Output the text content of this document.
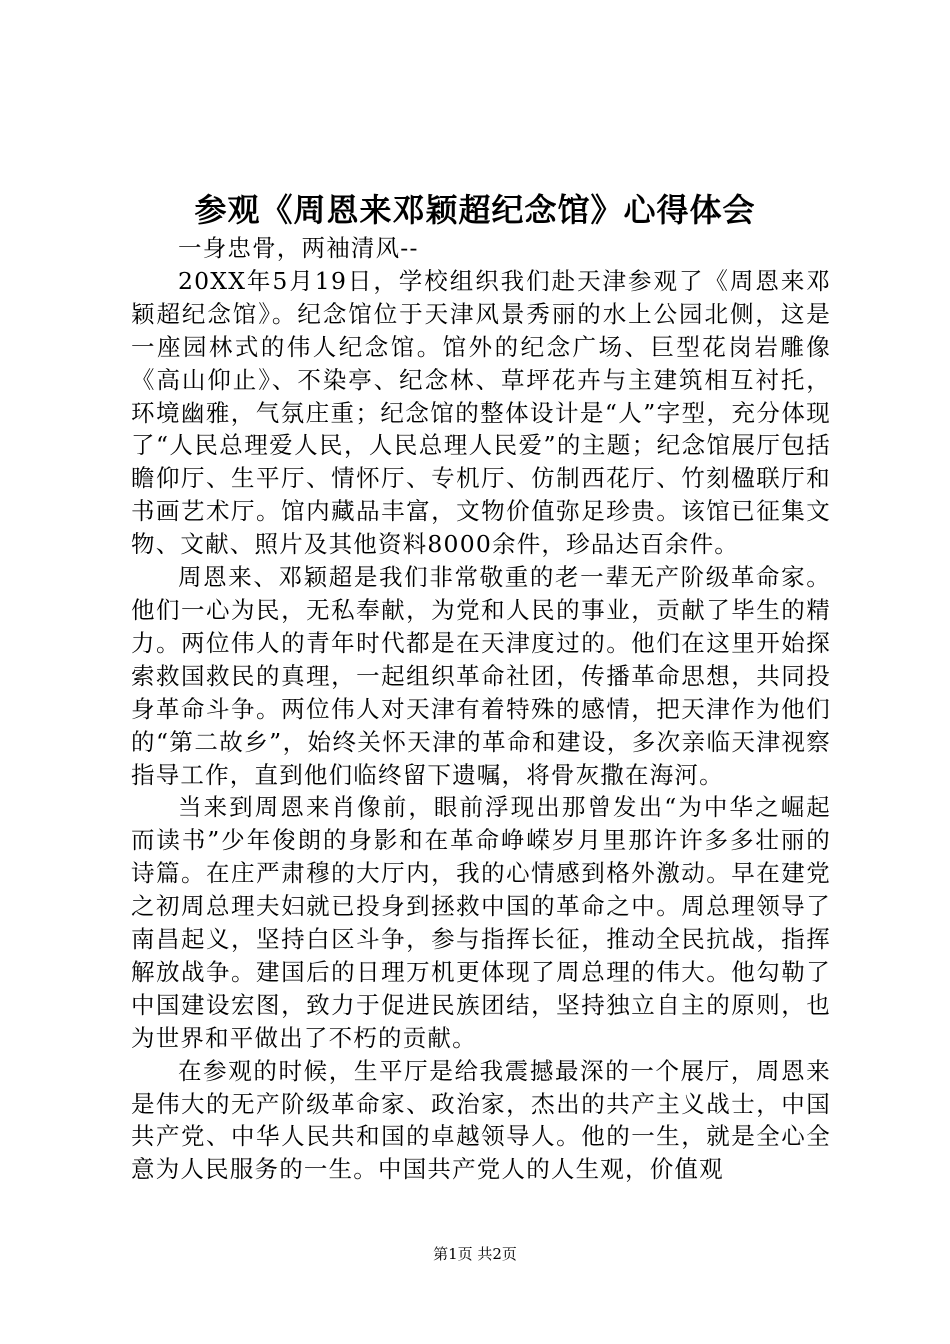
参观《周恩来邓颖超纪念馆》心得体会

一身忠骨，两袖清风--

20XX年5月19日，学校组织我们赴天津参观了《周恩来邓颖超纪念馆》。纪念馆位于天津风景秀丽的水上公园北侧，这是一座园林式的伟人纪念馆。馆外的纪念广场、巨型花岗岩雕像《高山仰止》、不染亭、纪念林、草坪花卉与主建筑相互衬托，环境幽雅，气氛庄重；纪念馆的整体设计是“人”字型，充分体现了“人民总理爱人民，人民总理人民爱”的主题；纪念馆展厅包括瞻仰厅、生平厅、情怀厅、专机厅、仿制西花厅、竹刻楹联厅和书画艺术厅。馆内藏品丰富，文物价值弥足珍贵。该馆已征集文物、文献、照片及其他资料8000余件，珍品达百余件。

周恩来、邓颖超是我们非常敬重的老一辈无产阶级革命家。他们一心为民，无私奉献，为党和人民的事业，贡献了毕生的精力。两位伟人的青年时代都是在天津度过的。他们在这里开始探索救国救民的真理，一起组织革命社团，传播革命思想，共同投身革命斗争。两位伟人对天津有着特殊的感情，把天津作为他们的“第二故乡”，始终关怀天津的革命和建设，多次亲临天津视察指导工作，直到他们临终留下遗嘱，将骨灰撒在海河。

当来到周恩来肖像前，眼前浮现出那曾发出“为中华之崛起而读书”少年俊朗的身影和在革命峥嵘岁月里那许许多多壮丽的诗篇。在庄严肃穆的大厅内，我的心情感到格外激动。早在建党之初周总理夫妇就已投身到拯救中国的革命之中。周总理领导了南昌起义，坚持白区斗争，参与指挥长征，推动全民抗战，指挥解放战争。建国后的日理万机更体现了周总理的伟大。他勾勒了中国建设宏图，致力于促进民族团结，坚持独立自主的原则，也为世界和平做出了不朽的贡献。

在参观的时候，生平厅是给我震撼最深的一个展厅，周恩来是伟大的无产阶级革命家、政治家，杰出的共产主义战士，中国共产党、中华人民共和国的卓越领导人。他的一生，就是全心全意为人民服务的一生。中国共产党人的人生观，价值观

第1页 共2页
